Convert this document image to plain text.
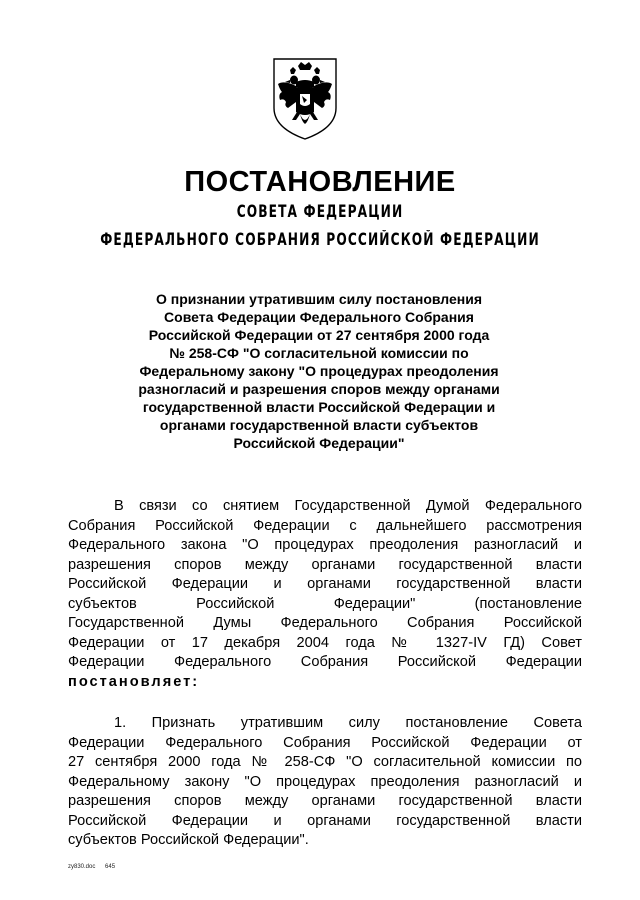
ПОСТАНОВЛЕНИЕ
СОВЕТА ФЕДЕРАЦИИ
ФЕДЕРАЛЬНОГО СОБРАНИЯ РОССИЙСКОЙ ФЕДЕРАЦИИ
О признании утратившим силу постановления
Совета Федерации Федерального Собрания
Российской Федерации от 27 сентября 2000 года
№ 258-СФ "О согласительной комиссии по
Федеральному закону "О процедурах преодоления
разногласий и разрешения споров между органами
государственной власти Российской Федерации и
органами государственной власти субъектов
Российской Федерации"
В связи со снятием Государственной Думой Федерального
Собрания Российской Федерации с дальнейшего рассмотрения
Федерального закона "О процедурах преодоления разногласий и
разрешения споров между органами государственной власти
Российской Федерации и органами государственной власти
субъектов Российской Федерации" (постановление
Государственной Думы Федерального Собрания Российской
Федерации от 17 декабря 2004 года № 1327-IV ГД) Совет
Федерации Федерального Собрания Российской Федерации
постановляет:
1. Признать утратившим силу постановление Совета
Федерации Федерального Собрания Российской Федерации от
27 сентября 2000 года № 258-СФ "О согласительной комиссии по
Федеральному закону "О процедурах преодоления разногласий и
разрешения споров между органами государственной власти
Российской Федерации и органами государственной власти
субъектов Российской Федерации".
zy830.doc 645
